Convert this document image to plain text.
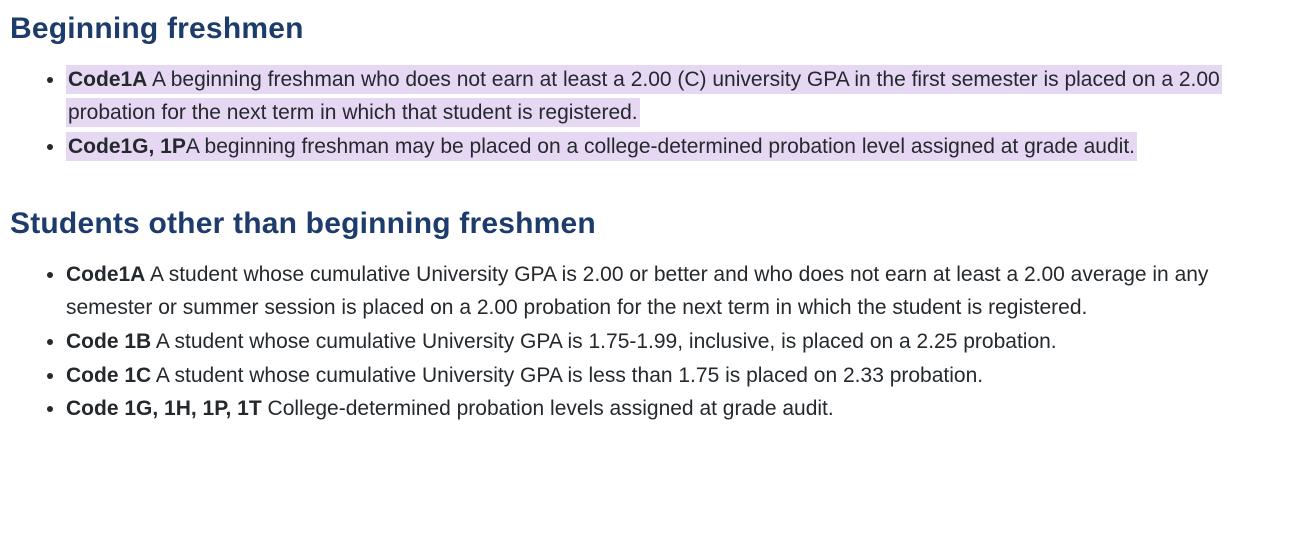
Beginning freshmen
• Code1A A beginning freshman who does not earn at least a 2.00 (C) university GPA in the first semester is placed on a 2.00 probation for the next term in which that student is registered.
• Code1G, 1PA beginning freshman may be placed on a college-determined probation level assigned at grade audit.
Students other than beginning freshmen
• Code1A A student whose cumulative University GPA is 2.00 or better and who does not earn at least a 2.00 average in any semester or summer session is placed on a 2.00 probation for the next term in which the student is registered.
• Code 1B A student whose cumulative University GPA is 1.75-1.99, inclusive, is placed on a 2.25 probation.
• Code 1C A student whose cumulative University GPA is less than 1.75 is placed on 2.33 probation.
• Code 1G, 1H, 1P, 1T College-determined probation levels assigned at grade audit.
